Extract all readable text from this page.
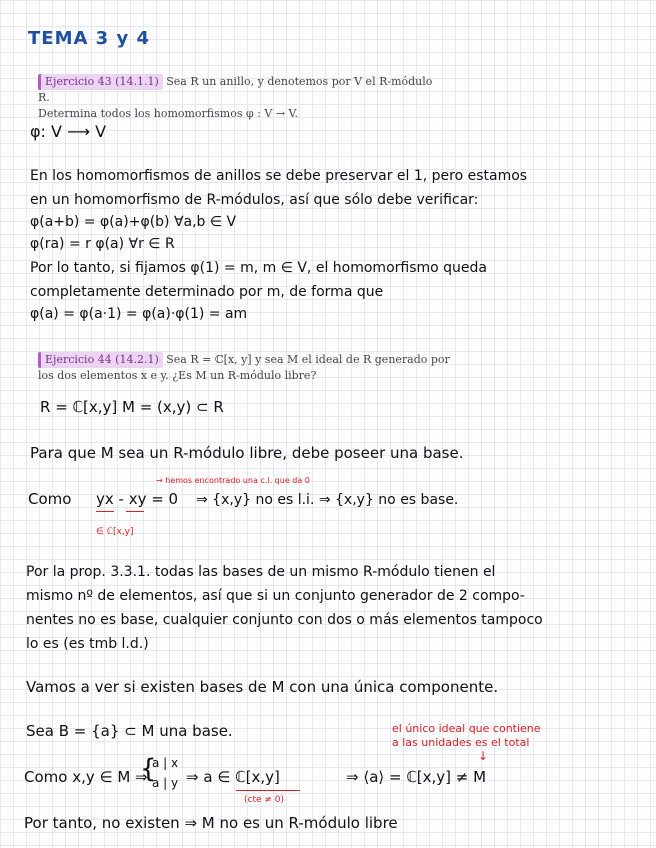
TEMA 3 y 4
Ejercicio 43 (14.1.1) Sea R un anillo, y denotemos por V el R-módulo R.
Determina todos los homomorfismos φ : V → V.
φ: V ⟶ V
En los homomorfismos de anillos se debe preservar el 1, pero estamos
en un homomorfismo de R-módulos, así que sólo debe verificar:
φ(a+b) = φ(a)+φ(b) ∀a,b ∈ V
φ(ra) = r φ(a) ∀r ∈ R
Por lo tanto, si fijamos φ(1) = m, m ∈ V, el homomorfismo queda
completamente determinado por m, de forma que
φ(a) = φ(a·1) = φ(a)·φ(1) = am
Ejercicio 44 (14.2.1) Sea R = ℂ[x, y] y sea M el ideal de R generado por
los dos elementos x e y. ¿Es M un R-módulo libre?
R = ℂ[x,y] M = (x,y) ⊂ R
Para que M sea un R-módulo libre, debe poseer una base.
→ hemos encontrado una c.l. que da 0
Como yx - xy = 0 ⇒ {x,y} no es l.i. ⇒ {x,y} no es base.
∈ ℂ[x,y]
Por la prop. 3.3.1. todas las bases de un mismo R-módulo tienen el
mismo nº de elementos, así que si un conjunto generador de 2 compo-
nentes no es base, cualquier conjunto con dos o más elementos tampoco
lo es (es tmb l.d.)
Vamos a ver si existen bases de M con una única componente.
Sea B = {a} ⊂ M una base.	el único ideal que contiene
a las unidades es el total
↓
Como x,y ∈ M ⇒
{
a | x
a | y ⇒ a ∈ ℂ[x,y]	⇒ ⟨a⟩ = ℂ[x,y] ≠ M
(cte ≠ 0)
Por tanto, no existen ⇒ M no es un R-módulo libre
